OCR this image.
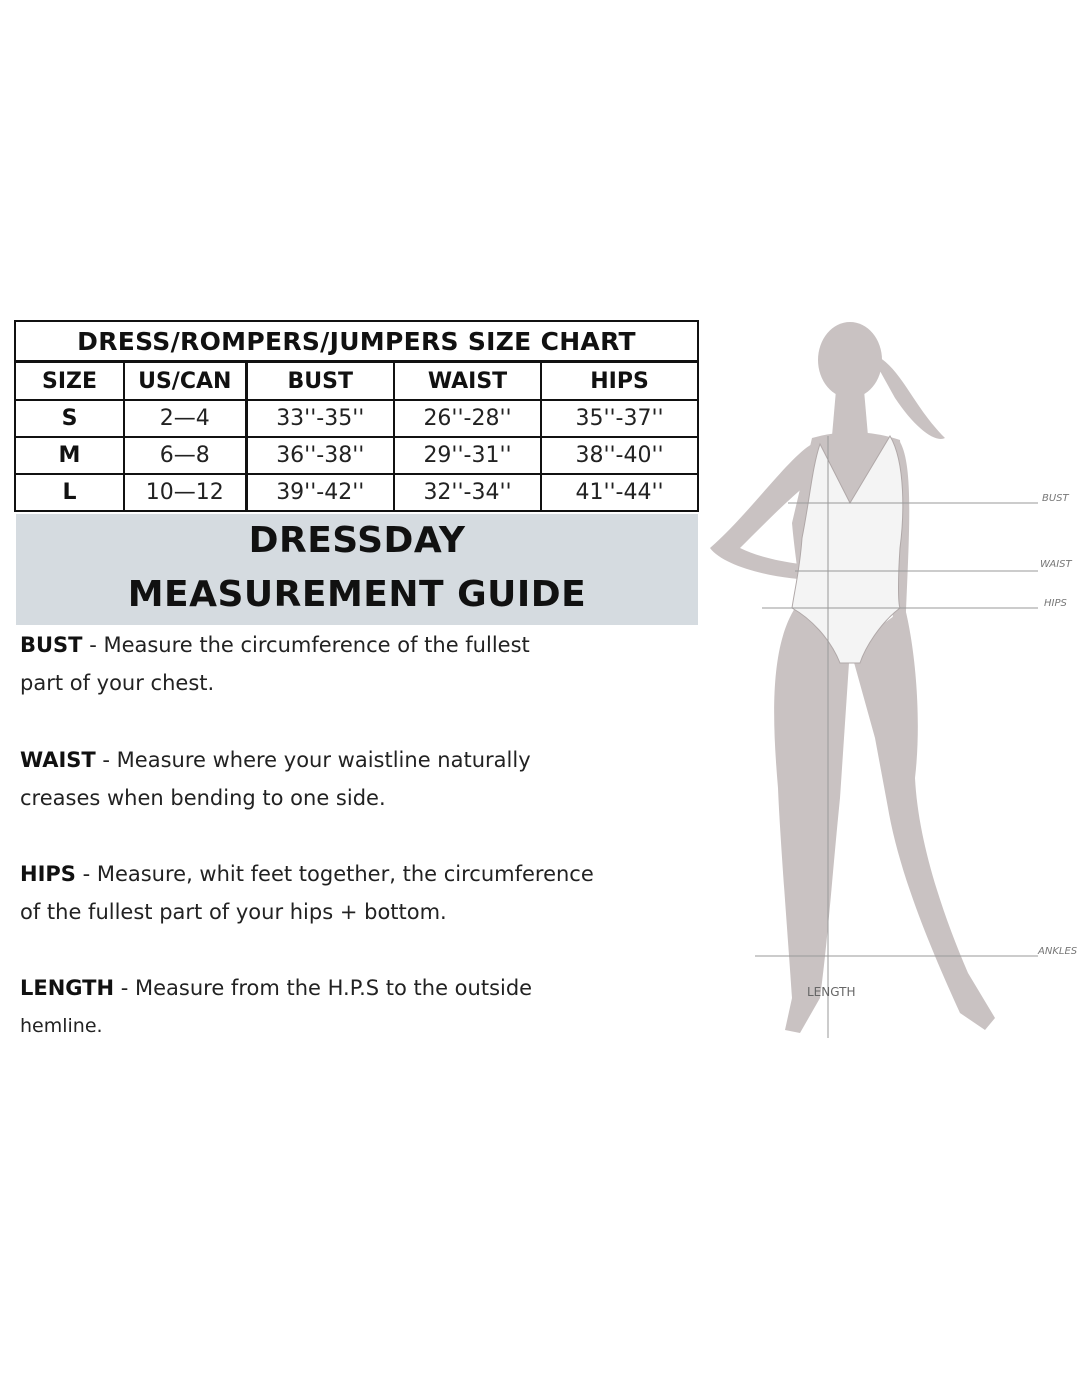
DRESS/ROMPERS/JUMPERS SIZE CHART				
SIZE	US/CAN	BUST	WAIST	HIPS
S	2—4	33''-35''	26''-28''	35''-37''
M	6—8	36''-38''	29''-31''	38''-40''
L	10—12	39''-42''	32''-34''	41''-44''
DRESSDAY
MEASUREMENT GUIDE

BUST - Measure the circumference of the fullest

part of your chest.

WAIST - Measure where your waistline naturally

creases when bending to one side.

HIPS - Measure, whit feet together, the circumference

of the fullest part of your hips + bottom.

LENGTH - Measure from the H.P.S to the outside

hemline.

BUST
WAIST
HIPS
ANKLES
LENGTH
